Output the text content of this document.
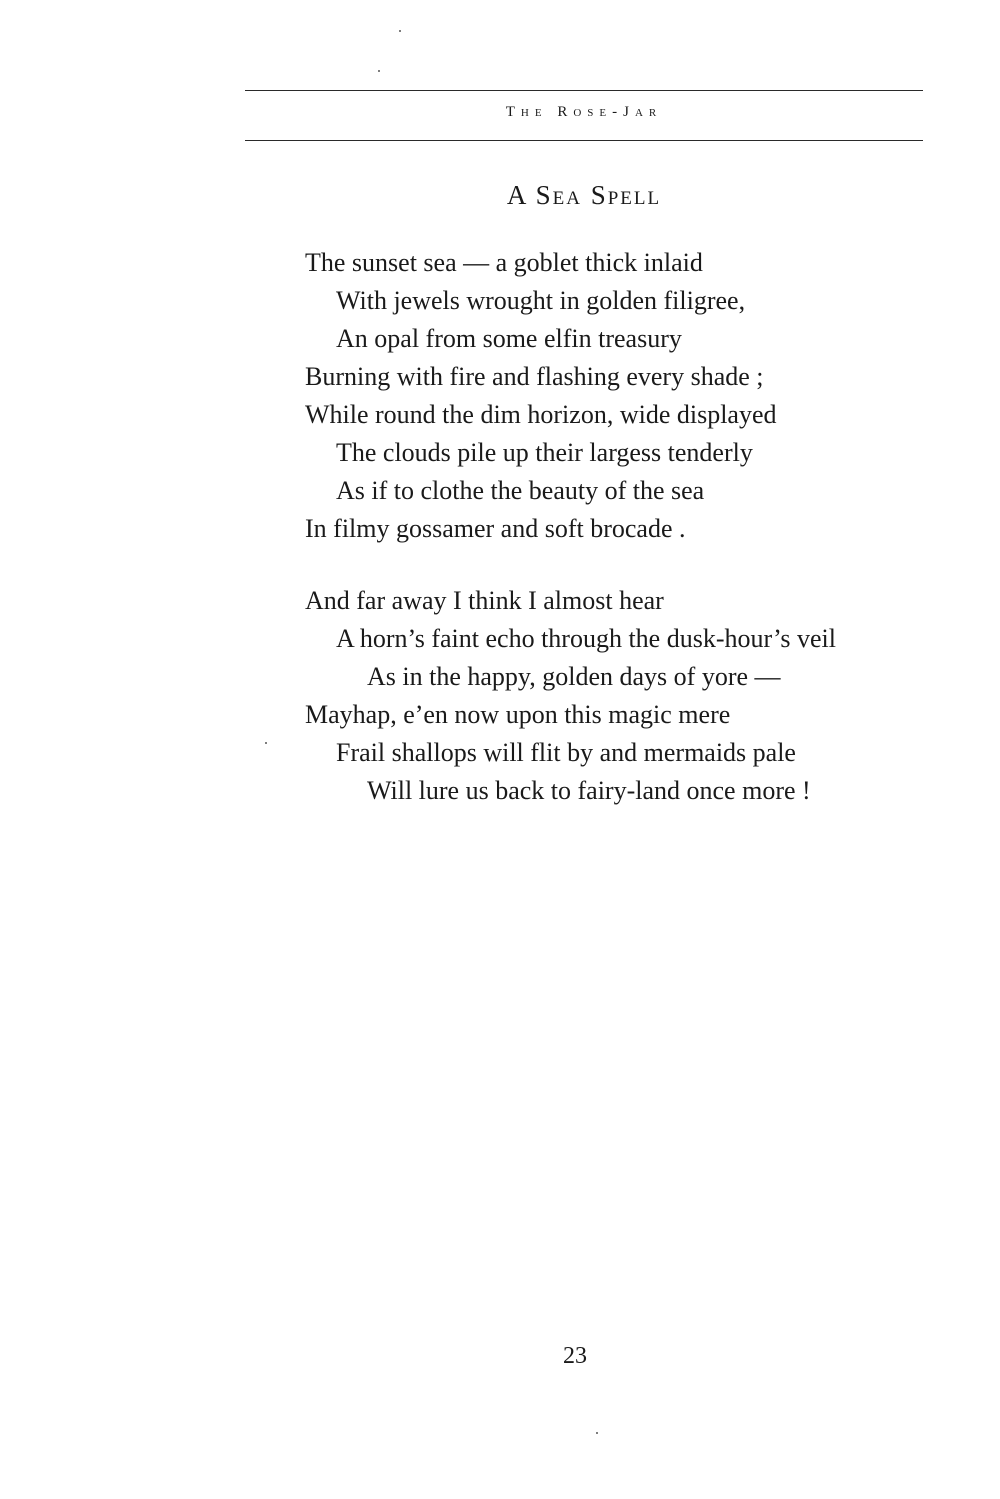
The Rose-Jar
A Sea Spell
The sunset sea — a goblet thick inlaid
With jewels wrought in golden filigree,
An opal from some elfin treasury
Burning with fire and flashing every shade ;
While round the dim horizon, wide displayed
The clouds pile up their largess tenderly
As if to clothe the beauty of the sea
In filmy gossamer and soft brocade .
And far away I think I almost hear
A horn’s faint echo through the dusk-hour’s veil
As in the happy, golden days of yore —
Mayhap, e’en now upon this magic mere
Frail shallops will flit by and mermaids pale
Will lure us back to fairy-land once more !
23
